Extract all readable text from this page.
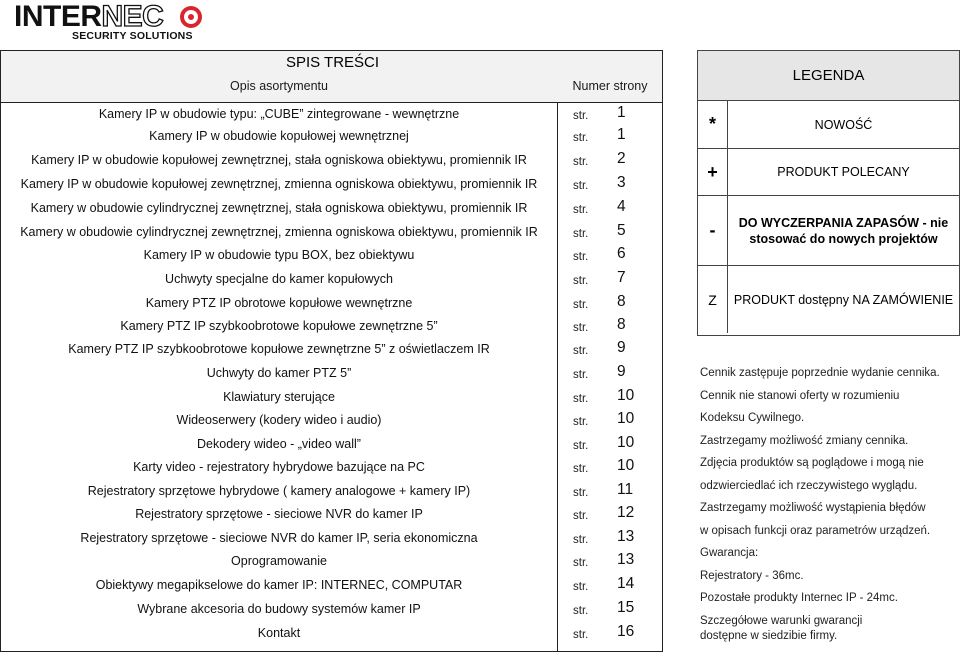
INTERNEC
SECURITY SOLUTIONS
SPIS TREŚCI
Opis asortymentu	Numer strony
Kamery IP w obudowie typu: „CUBE” zintegrowane - wewnętrzne	str. 1
Kamery IP w obudowie kopułowej wewnętrznej	str. 1
Kamery IP w obudowie kopułowej zewnętrznej, stała ogniskowa obiektywu, promiennik IR	str. 2
Kamery IP w obudowie kopułowej zewnętrznej, zmienna ogniskowa obiektywu, promiennik IR	str. 3
Kamery w obudowie cylindrycznej zewnętrznej, stała ogniskowa obiektywu, promiennik IR	str. 4
Kamery w obudowie cylindrycznej zewnętrznej, zmienna ogniskowa obiektywu, promiennik IR	str. 5
Kamery IP w obudowie typu BOX, bez obiektywu	str. 6
Uchwyty specjalne do kamer kopułowych	str. 7
Kamery PTZ IP obrotowe kopułowe wewnętrzne	str. 8
Kamery PTZ IP szybkoobrotowe kopułowe zewnętrzne 5”	str. 8
Kamery PTZ IP szybkoobrotowe kopułowe zewnętrzne 5” z oświetlaczem IR	str. 9
Uchwyty do kamer PTZ 5”	str. 9
Klawiatury sterujące	str. 10
Wideoserwery (kodery wideo i audio)	str. 10
Dekodery wideo - „video wall”	str. 10
Karty video - rejestratory hybrydowe bazujące na PC	str. 10
Rejestratory sprzętowe hybrydowe ( kamery analogowe + kamery IP)	str. 11
Rejestratory sprzętowe - sieciowe NVR do kamer IP	str. 12
Rejestratory sprzętowe - sieciowe NVR do kamer IP, seria ekonomiczna	str. 13
Oprogramowanie	str. 13
Obiektywy megapikselowe do kamer IP: INTERNEC, COMPUTAR	str. 14
Wybrane akcesoria do budowy systemów kamer IP	str. 15
Kontakt	str. 16
LEGENDA
*	NOWOŚĆ
+	PRODUKT POLECANY
-	DO WYCZERPANIA ZAPASÓW - nie stosować do nowych projektów
Z	PRODUKT dostępny NA ZAMÓWIENIE
Cennik zastępuje poprzednie wydanie cennika.
Cennik nie stanowi oferty w rozumieniu
Kodeksu Cywilnego.
Zastrzegamy możliwość zmiany cennika.
Zdjęcia produktów są poglądowe i mogą nie
odzwierciedlać ich rzeczywistego wyglądu.
Zastrzegamy możliwość wystąpienia błędów
w opisach funkcji oraz parametrów urządzeń.
Gwarancja:
Rejestratory - 36mc.
Pozostałe produkty Internec IP - 24mc.
Szczegółowe warunki gwarancji
dostępne w siedzibie firmy.
